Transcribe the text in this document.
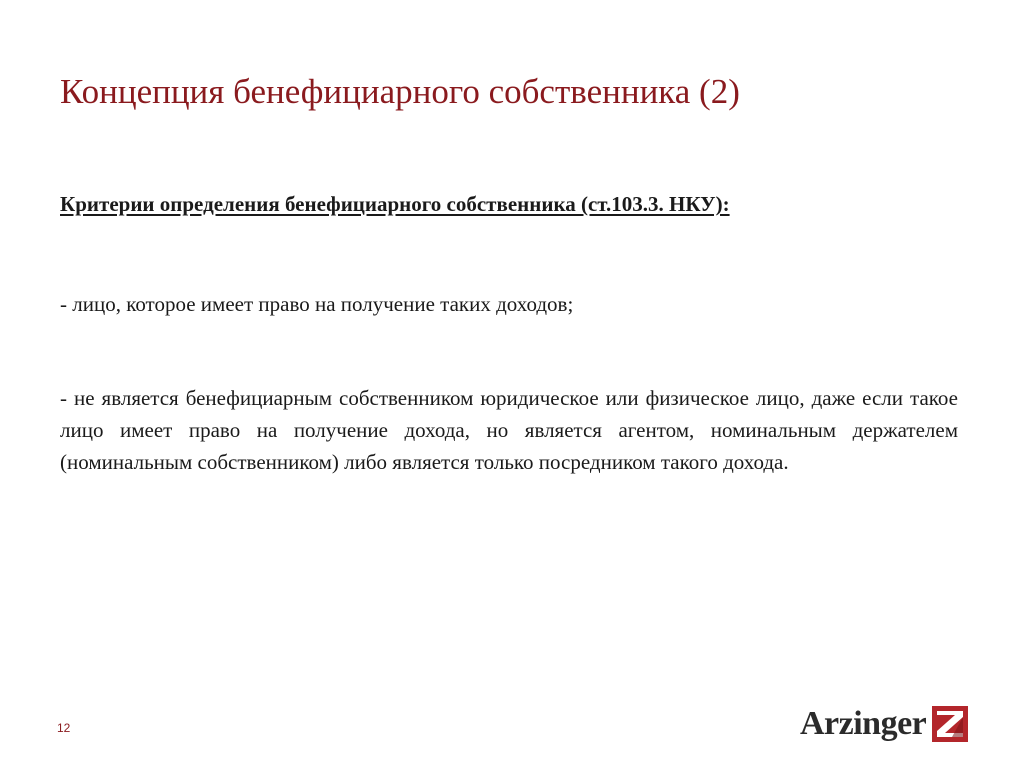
Концепция бенефициарного собственника (2)

Критерии определения бенефициарного собственника (ст.103.3. НКУ):

- лицо, которое имеет право на получение таких доходов;

- не является бенефициарным собственником юридическое или физическое лицо, даже если такое лицо имеет право на получение дохода, но является агентом, номинальным держателем (номинальным собственником) либо является только посредником такого дохода.

12	Arzinger
